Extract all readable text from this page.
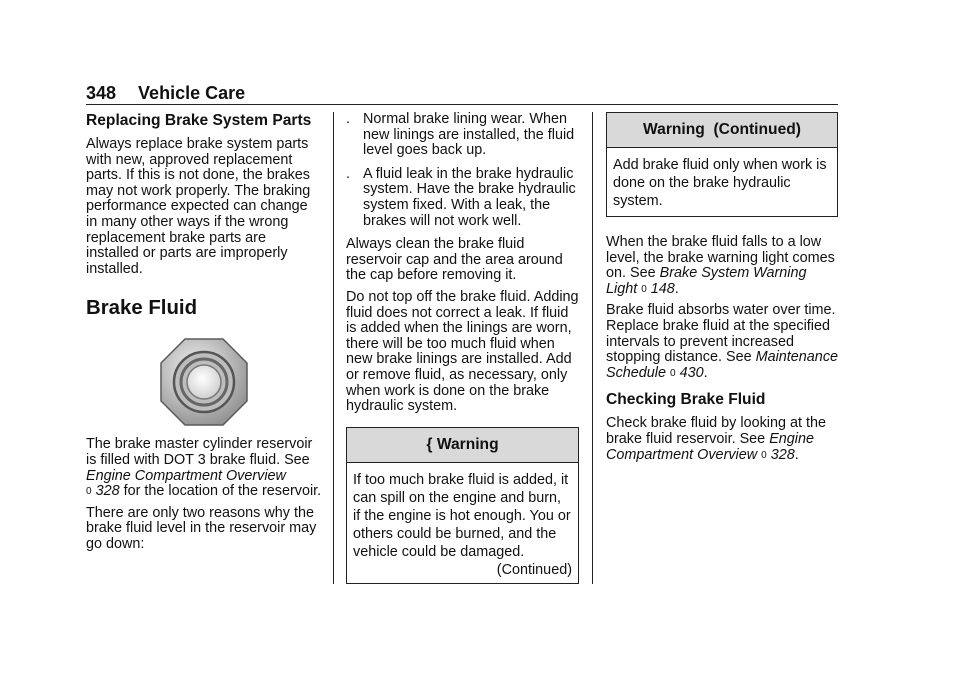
348 Vehicle Care
Replacing Brake System Parts

Always replace brake system parts with new, approved replacement parts. If this is not done, the brakes may not work properly. The braking performance expected can change in many other ways if the wrong replacement brake parts are installed or parts are improperly installed.

Brake Fluid

The brake master cylinder reservoir is filled with DOT 3 brake fluid. See Engine Compartment Overview
0 328 for the location of the reservoir.

There are only two reasons why the brake fluid level in the reservoir may go down:

. Normal brake lining wear. When new linings are installed, the fluid level goes back up.
. A fluid leak in the brake hydraulic system. Have the brake hydraulic system fixed. With a leak, the brakes will not work well.

Always clean the brake fluid reservoir cap and the area around the cap before removing it.

Do not top off the brake fluid. Adding fluid does not correct a leak. If fluid is added when the linings are worn, there will be too much fluid when new brake linings are installed. Add or remove fluid, as necessary, only when work is done on the brake hydraulic system.

{ Warning
If too much brake fluid is added, it can spill on the engine and burn, if the engine is hot enough. You or others could be burned, and the vehicle could be damaged.
(Continued)
Warning  (Continued)
Add brake fluid only when work is done on the brake hydraulic system.

When the brake fluid falls to a low level, the brake warning light comes on. See Brake System Warning Light 0 148.

Brake fluid absorbs water over time. Replace brake fluid at the specified intervals to prevent increased stopping distance. See Maintenance Schedule 0 430.

Checking Brake Fluid

Check brake fluid by looking at the brake fluid reservoir. See Engine Compartment Overview 0 328.
